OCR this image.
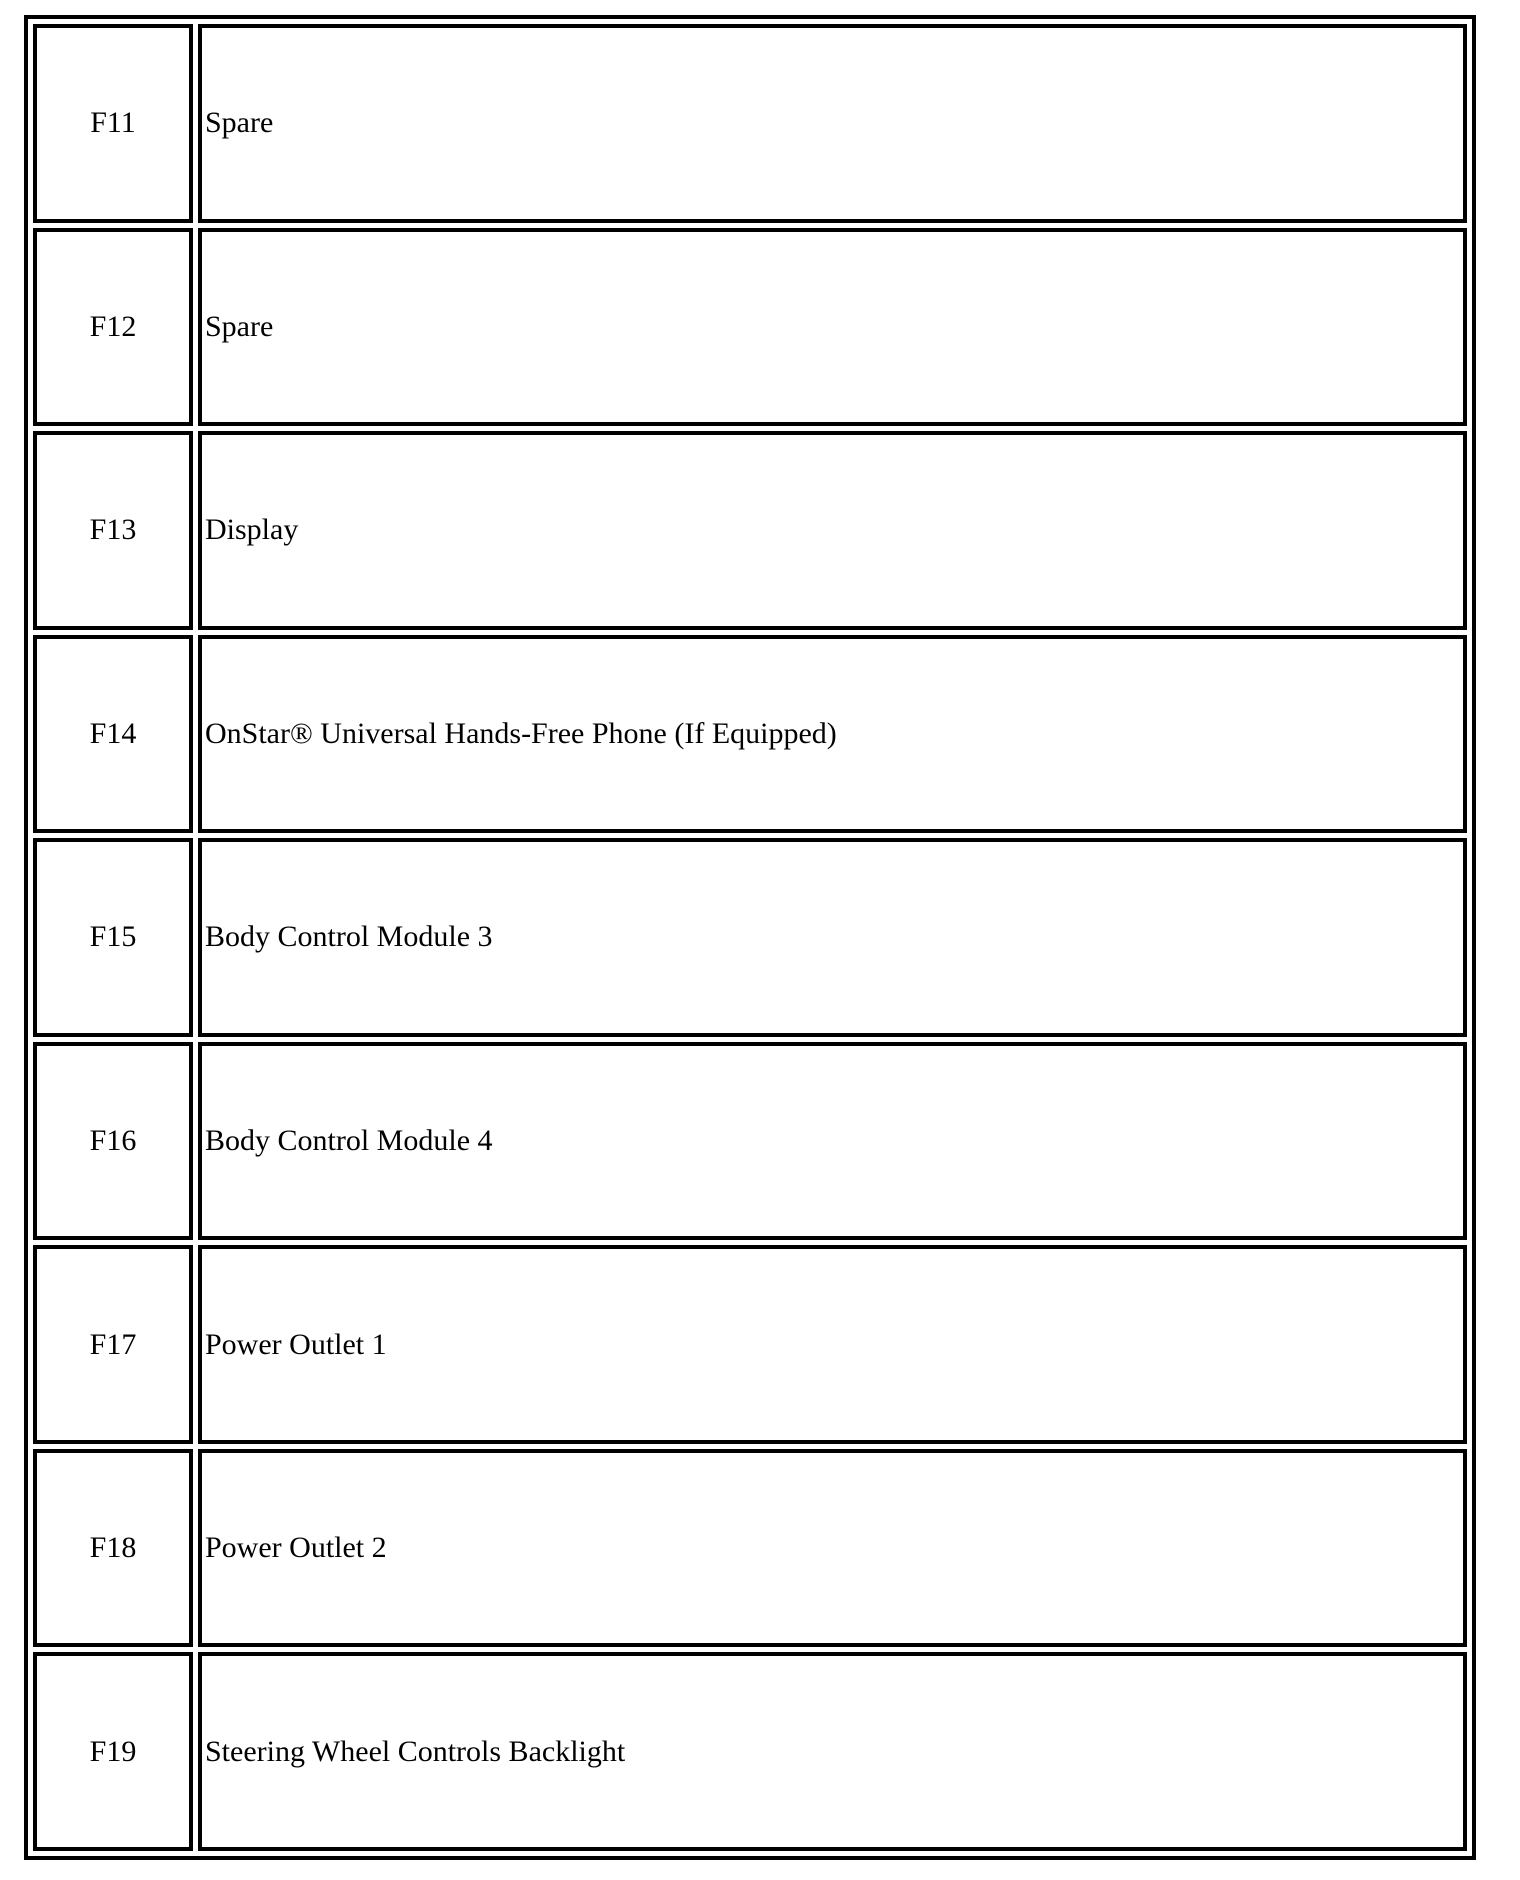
F11	Spare
F12	Spare
F13	Display
F14	OnStar® Universal Hands-Free Phone (If Equipped)
F15	Body Control Module 3
F16	Body Control Module 4
F17	Power Outlet 1
F18	Power Outlet 2
F19	Steering Wheel Controls Backlight
